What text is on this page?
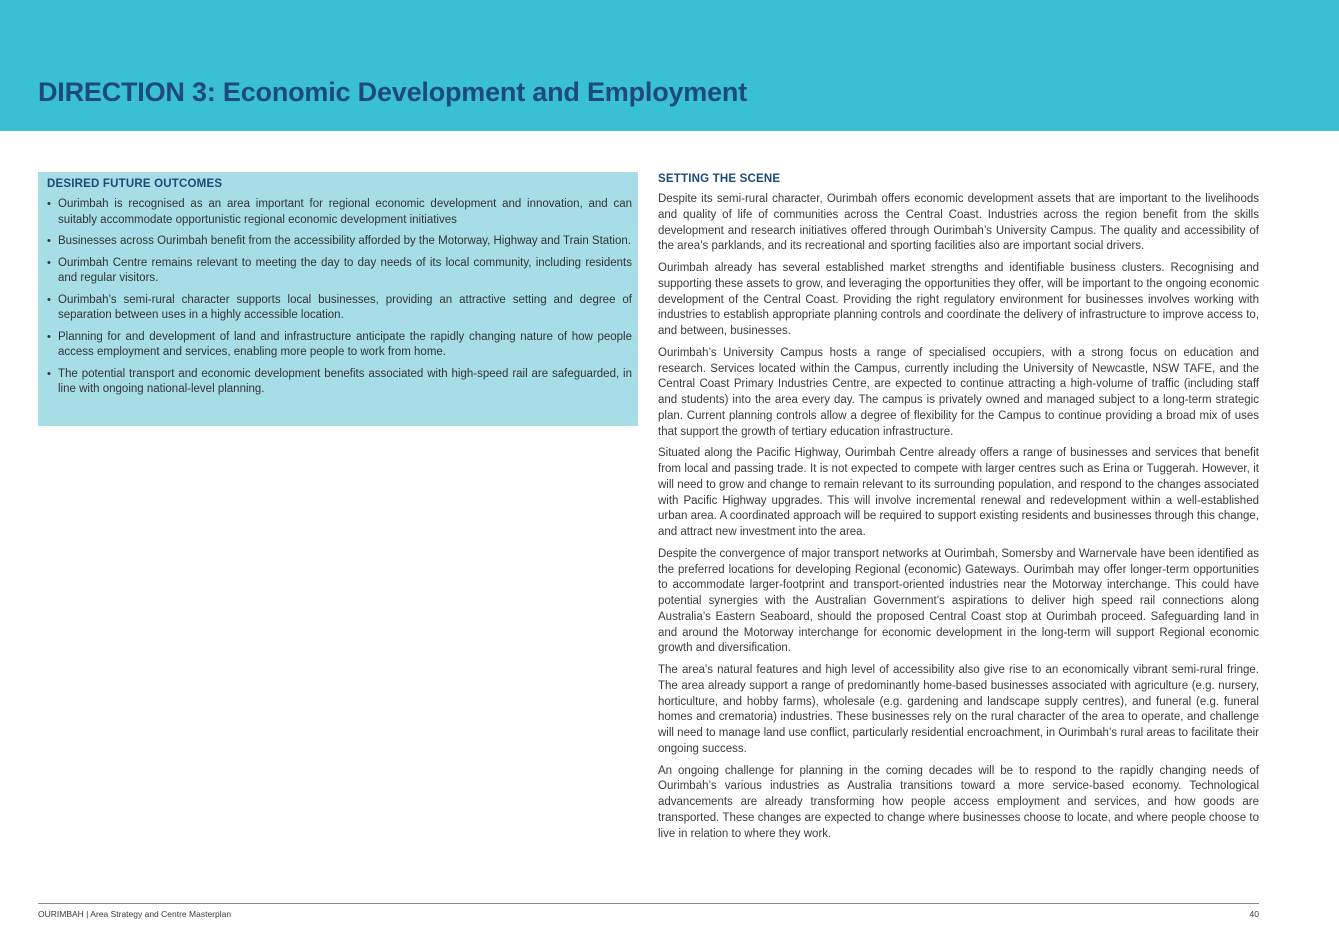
DIRECTION 3: Economic Development and Employment
DESIRED FUTURE OUTCOMES
• Ourimbah is recognised as an area important for regional economic development and innovation, and can suitably accommodate opportunistic regional economic development initiatives
• Businesses across Ourimbah benefit from the accessibility afforded by the Motorway, Highway and Train Station.
• Ourimbah Centre remains relevant to meeting the day to day needs of its local community, including residents and regular visitors.
• Ourimbah’s semi-rural character supports local businesses, providing an attractive setting and degree of separation between uses in a highly accessible location.
• Planning for and development of land and infrastructure anticipate the rapidly changing nature of how people access employment and services, enabling more people to work from home.
• The potential transport and economic development benefits associated with high-speed rail are safeguarded, in line with ongoing national-level planning.
SETTING THE SCENE

Despite its semi-rural character, Ourimbah offers economic development assets that are important to the livelihoods and quality of life of communities across the Central Coast. Industries across the region benefit from the skills development and research initiatives offered through Ourimbah’s University Campus. The quality and accessibility of the area’s parklands, and its recreational and sporting facilities also are important social drivers.

Ourimbah already has several established market strengths and identifiable business clusters. Recognising and supporting these assets to grow, and leveraging the opportunities they offer, will be important to the ongoing economic development of the Central Coast. Providing the right regulatory environment for businesses involves working with industries to establish appropriate planning controls and coordinate the delivery of infrastructure to improve access to, and between, businesses.

Ourimbah’s University Campus hosts a range of specialised occupiers, with a strong focus on education and research. Services located within the Campus, currently including the University of Newcastle, NSW TAFE, and the Central Coast Primary Industries Centre, are expected to continue attracting a high-volume of traffic (including staff and students) into the area every day. The campus is privately owned and managed subject to a long-term strategic plan. Current planning controls allow a degree of flexibility for the Campus to continue providing a broad mix of uses that support the growth of tertiary education infrastructure.

Situated along the Pacific Highway, Ourimbah Centre already offers a range of businesses and services that benefit from local and passing trade. It is not expected to compete with larger centres such as Erina or Tuggerah. However, it will need to grow and change to remain relevant to its surrounding population, and respond to the changes associated with Pacific Highway upgrades. This will involve incremental renewal and redevelopment within a well-established urban area. A coordinated approach will be required to support existing residents and businesses through this change, and attract new investment into the area.

Despite the convergence of major transport networks at Ourimbah, Somersby and Warnervale have been identified as the preferred locations for developing Regional (economic) Gateways. Ourimbah may offer longer-term opportunities to accommodate larger-footprint and transport-oriented industries near the Motorway interchange. This could have potential synergies with the Australian Government’s aspirations to deliver high speed rail connections along Australia’s Eastern Seaboard, should the proposed Central Coast stop at Ourimbah proceed. Safeguarding land in and around the Motorway interchange for economic development in the long-term will support Regional economic growth and diversification.

The area's natural features and high level of accessibility also give rise to an economically vibrant semi-rural fringe. The area already support a range of predominantly home-based businesses associated with agriculture (e.g. nursery, horticulture, and hobby farms), wholesale (e.g. gardening and landscape supply centres), and funeral (e.g. funeral homes and crematoria) industries. These businesses rely on the rural character of the area to operate, and challenge will need to manage land use conflict, particularly residential encroachment, in Ourimbah’s rural areas to facilitate their ongoing success.

An ongoing challenge for planning in the coming decades will be to respond to the rapidly changing needs of Ourimbah’s various industries as Australia transitions toward a more service-based economy. Technological advancements are already transforming how people access employment and services, and how goods are transported. These changes are expected to change where businesses choose to locate, and where people choose to live in relation to where they work.

OURIMBAH | Area Strategy and Centre Masterplan	40
